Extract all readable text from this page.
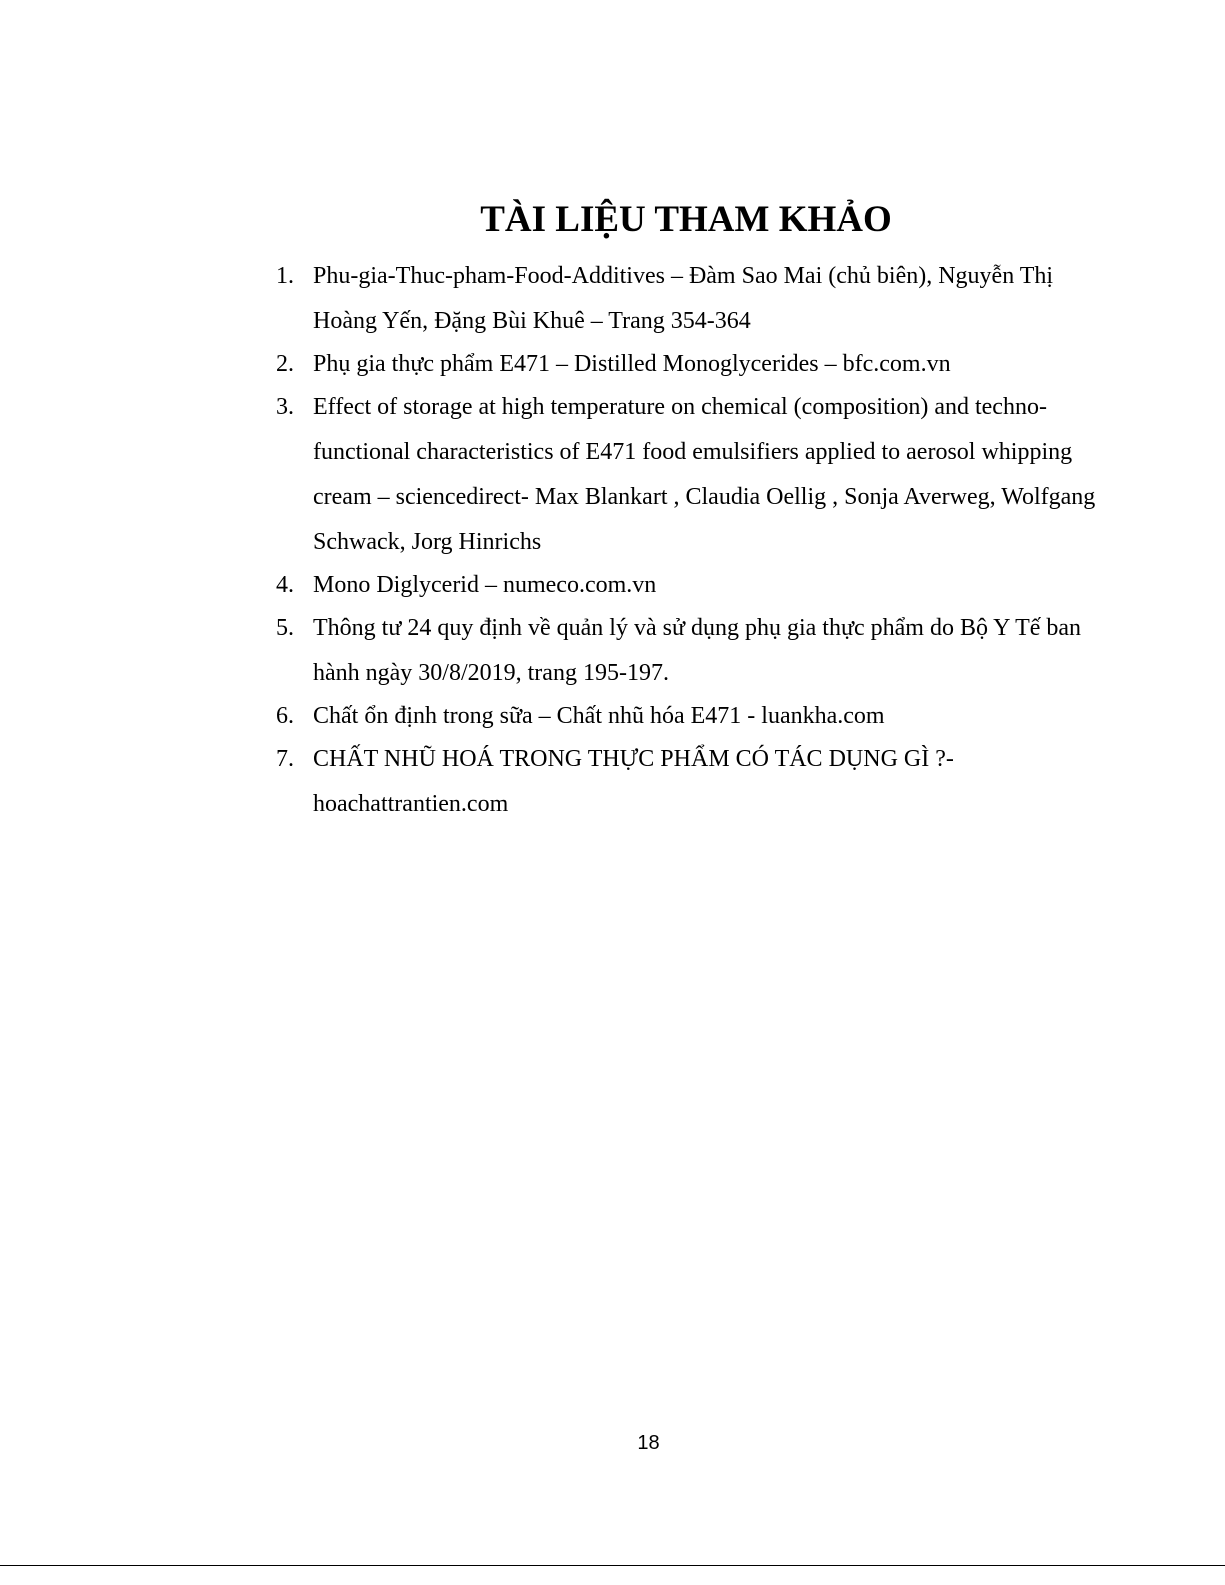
TÀI LIỆU THAM KHẢO
1. Phu-gia-Thuc-pham-Food-Additives – Đàm Sao Mai (chủ biên), Nguyễn Thị Hoàng Yến, Đặng Bùi Khuê – Trang 354-364
2. Phụ gia thực phẩm E471 – Distilled Monoglycerides – bfc.com.vn
3. Effect of storage at high temperature on chemical (composition) and techno-functional characteristics of E471 food emulsifiers applied to aerosol whipping cream – sciencedirect- Max Blankart , Claudia Oellig , Sonja Averweg, Wolfgang Schwack, Jorg Hinrichs
4. Mono Diglycerid – numeco.com.vn
5. Thông tư 24 quy định về quản lý và sử dụng phụ gia thực phẩm do Bộ Y Tế ban hành ngày 30/8/2019, trang 195-197.
6. Chất ổn định trong sữa – Chất nhũ hóa E471 - luankha.com
7. CHẤT NHŨ HOÁ TRONG THỰC PHẨM CÓ TÁC DỤNG GÌ ?- hoachattrantien.com
18
